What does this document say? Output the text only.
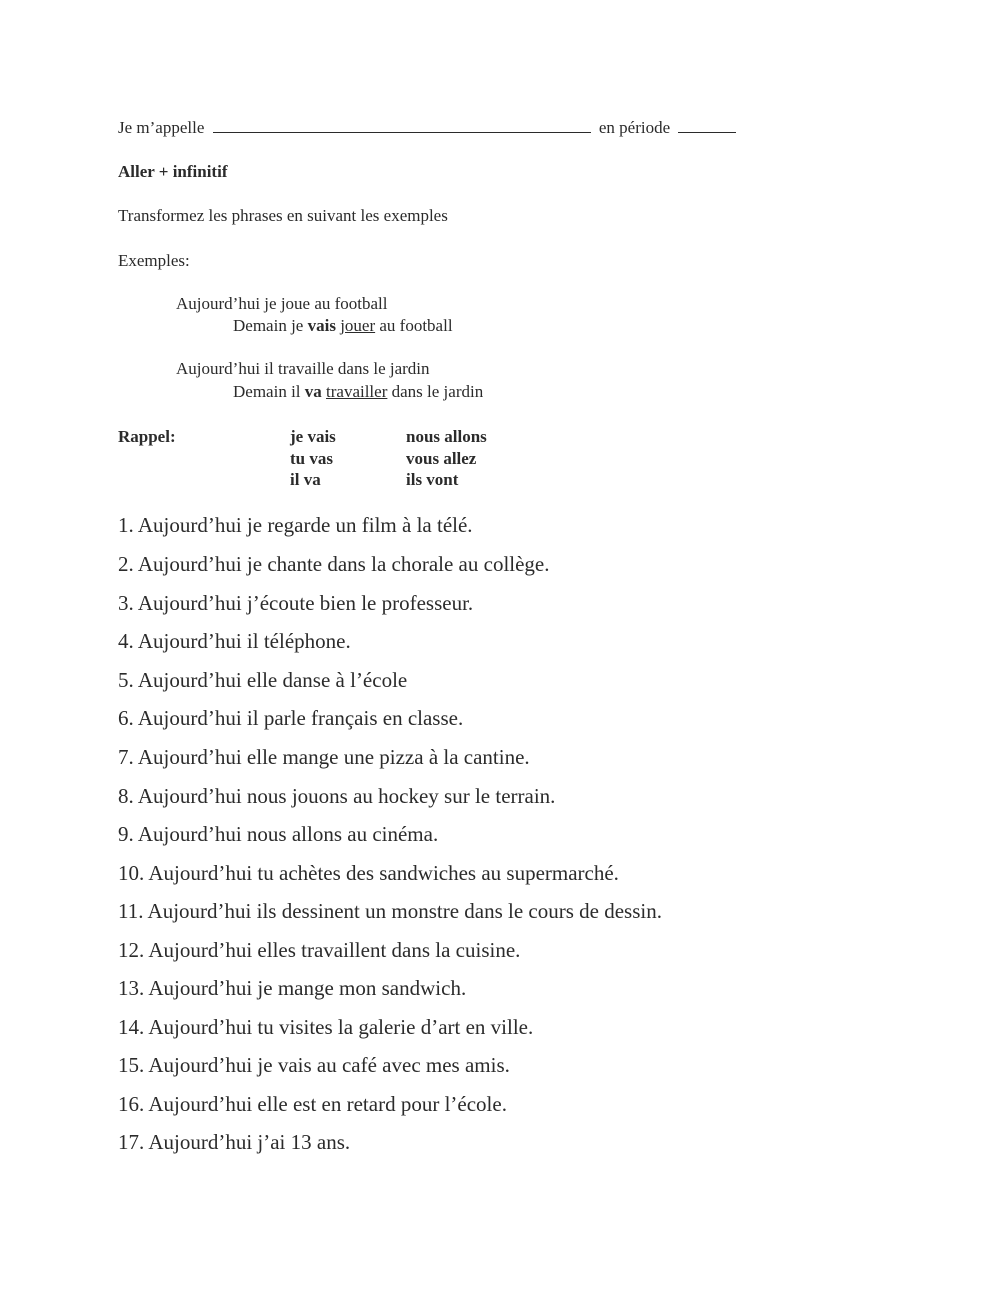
Je m’appelle	en période
Aller + infinitif
Transformez les phrases en suivant les exemples
Exemples:
Aujourd’hui je joue au football
Demain je vais jouer au football
Aujourd’hui il travaille dans le jardin
Demain il va travailler dans le jardin
Rappel:	je vais
tu vas
il va
nous allons
vous allez
ils vont
1. Aujourd’hui je regarde un film à la télé.
2. Aujourd’hui je chante dans la chorale au collège.
3. Aujourd’hui j’écoute bien le professeur.
4. Aujourd’hui il téléphone.
5. Aujourd’hui elle danse à l’école
6. Aujourd’hui il parle français en classe.
7. Aujourd’hui elle mange une pizza à la cantine.
8. Aujourd’hui nous jouons au hockey sur le terrain.
9. Aujourd’hui nous allons au cinéma.
10. Aujourd’hui tu achètes des sandwiches au supermarché.
11. Aujourd’hui ils dessinent un monstre dans le cours de dessin.
12. Aujourd’hui elles travaillent dans la cuisine.
13. Aujourd’hui je mange mon sandwich.
14. Aujourd’hui tu visites la galerie d’art en ville.
15. Aujourd’hui je vais au café avec mes amis.
16. Aujourd’hui elle est en retard pour l’école.
17. Aujourd’hui j’ai 13 ans.
